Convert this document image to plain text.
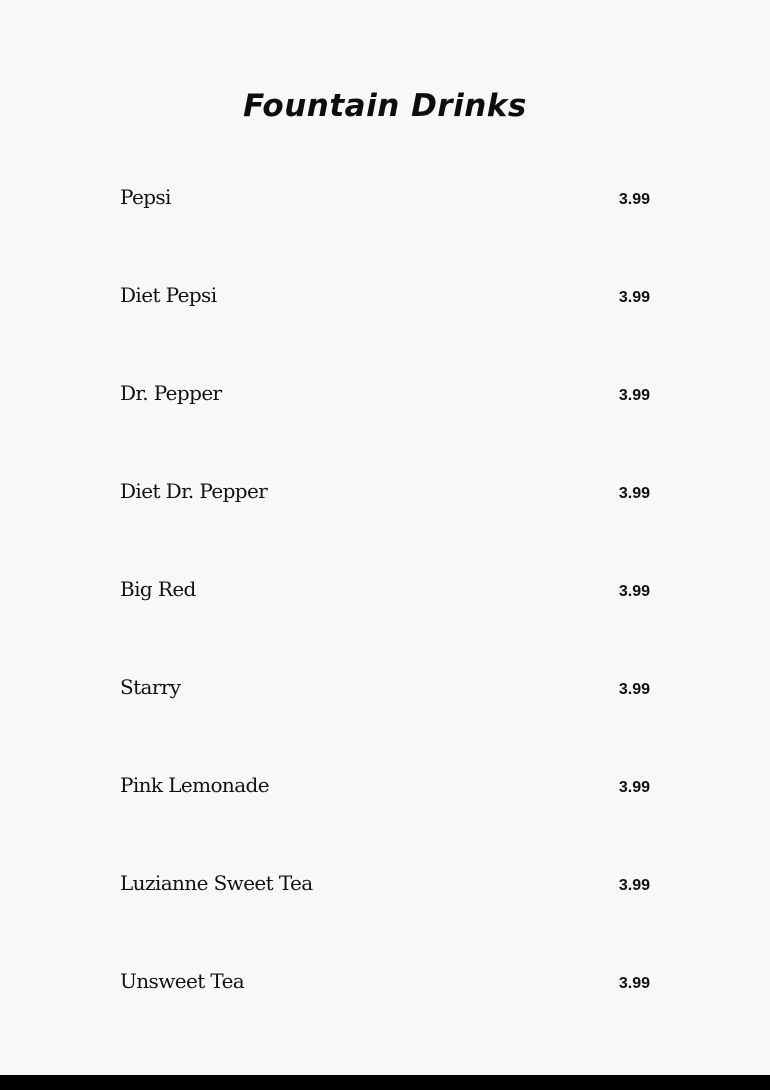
Fountain Drinks
Pepsi	3.99
Diet Pepsi	3.99
Dr. Pepper	3.99
Diet Dr. Pepper	3.99
Big Red	3.99
Starry	3.99
Pink Lemonade	3.99
Luzianne Sweet Tea	3.99
Unsweet Tea	3.99
